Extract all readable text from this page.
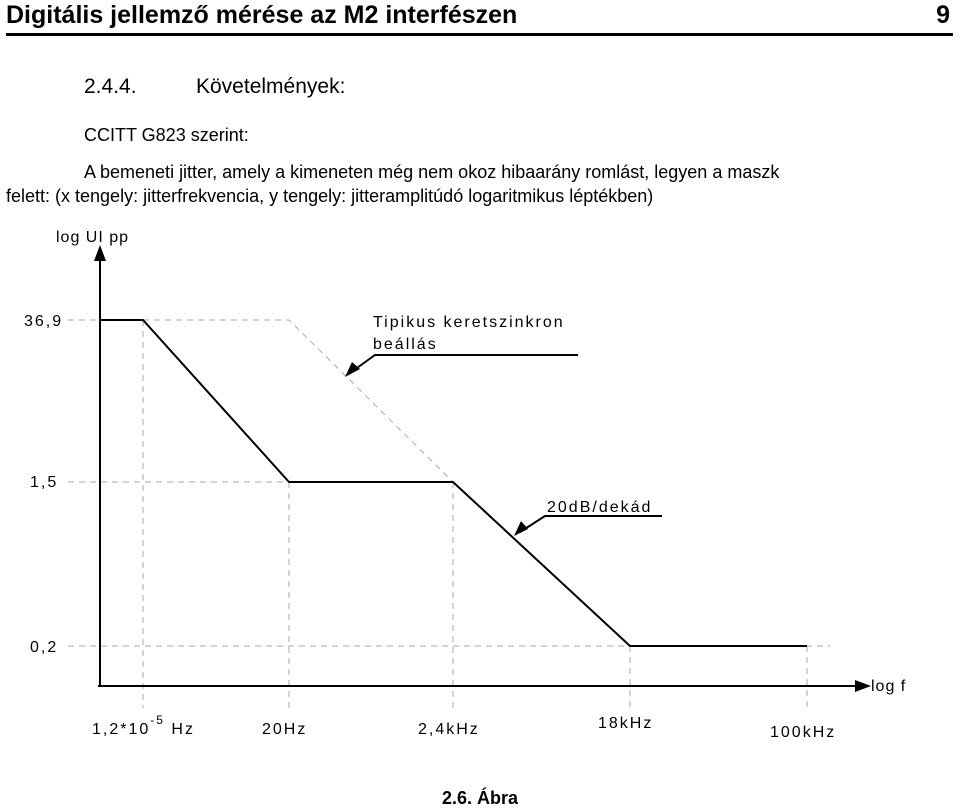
Digitális jellemző mérése az M2 interfészen	9
2.4.4.	Követelmények:
CCITT G823 szerint:
A bemeneti jitter, amely a kimeneten még nem okoz hibaarány romlást, legyen a maszk
felett: (x tengely: jitterfrekvencia, y tengely: jitteramplitúdó logaritmikus léptékben)
log UI pp
log f
36,9
1,5
0,2
$1,2*10^{-5}$ Hz	20Hz	2,4kHz	18kHz
100kHz
Tipikus keretszinkron
beállás
20dB/dekád
2.6. Ábra
